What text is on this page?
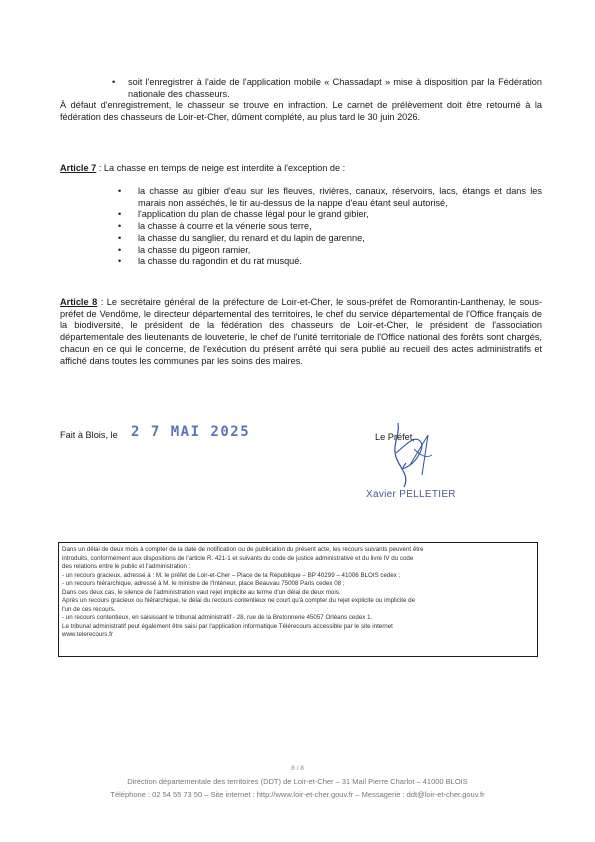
• soit l'enregistrer à l'aide de l'application mobile « Chassadapt » mise à disposition par la Fédération nationale des chasseurs.
À défaut d'enregistrement, le chasseur se trouve en infraction. Le carnet de prélèvement doit être retourné à la fédération des chasseurs de Loir-et-Cher, dûment complété, au plus tard le 30 juin 2026.
Article 7 : La chasse en temps de neige est interdite à l'exception de :
• la chasse au gibier d'eau sur les fleuves, rivières, canaux, réservoirs, lacs, étangs et dans les marais non asséchés, le tir au-dessus de la nappe d'eau étant seul autorisé,
• l'application du plan de chasse légal pour le grand gibier,
• la chasse à courre et la vénerie sous terre,
• la chasse du sanglier, du renard et du lapin de garenne,
• la chasse du pigeon ramier,
• la chasse du ragondin et du rat musqué.
Article 8 : Le secrétaire général de la préfecture de Loir-et-Cher, le sous-préfet de Romorantin-Lanthenay, le sous-préfet de Vendôme, le directeur départemental des territoires, le chef du service départemental de l'Office français de la biodiversité, le président de la fédération des chasseurs de Loir-et-Cher, le président de l'association départementale des lieutenants de louveterie, le chef de l'unité territoriale de l'Office national des forêts sont chargés, chacun en ce qui le concerne, de l'exécution du présent arrêté qui sera publié au recueil des actes administratifs et affiché dans toutes les communes par les soins des maires.
Fait à Blois, le 2 7 MAI 2025	Le Préfet,
Xavier PELLETIER
Dans un délai de deux mois à compter de la date de notification ou de publication du présent acte, les recours suivants peuvent être
introduits, conformément aux dispositions de l'article R. 421-1 et suivants du code de justice administrative et du livre IV du code
des relations entre le public et l'administration :
- un recours gracieux, adressé à : M. le préfet de Loir-et-Cher – Place de la République – BP 40299 – 41006 BLOIS cedex ;
- un recours hiérarchique, adressé à M. le ministre de l'Intérieur, place Beauvau 75008 Paris cedex 08 ;
Dans ces deux cas, le silence de l'administration vaut rejet implicite au terme d'un délai de deux mois.
Après un recours gracieux ou hiérarchique, le délai du recours contentieux ne court qu'à compter du rejet explicite ou implicite de
l'un de ces recours.
- un recours contentieux, en saisissant le tribunal administratif - 28, rue de la Bretonnerie 45057 Orléans cedex 1.
Le tribunal administratif peut également être saisi par l'application informatique Télérecours accessible par le site internet
www.telerecours.fr
8 / 8
Direction départementale des territoires (DDT) de Loir-et-Cher – 31 Mail Pierre Charlot – 41000 BLOIS
Téléphone : 02 54 55 73 50 – Site internet : http://www.loir-et-cher.gouv.fr – Messagerie : ddt@loir-et-cher.gouv.fr
